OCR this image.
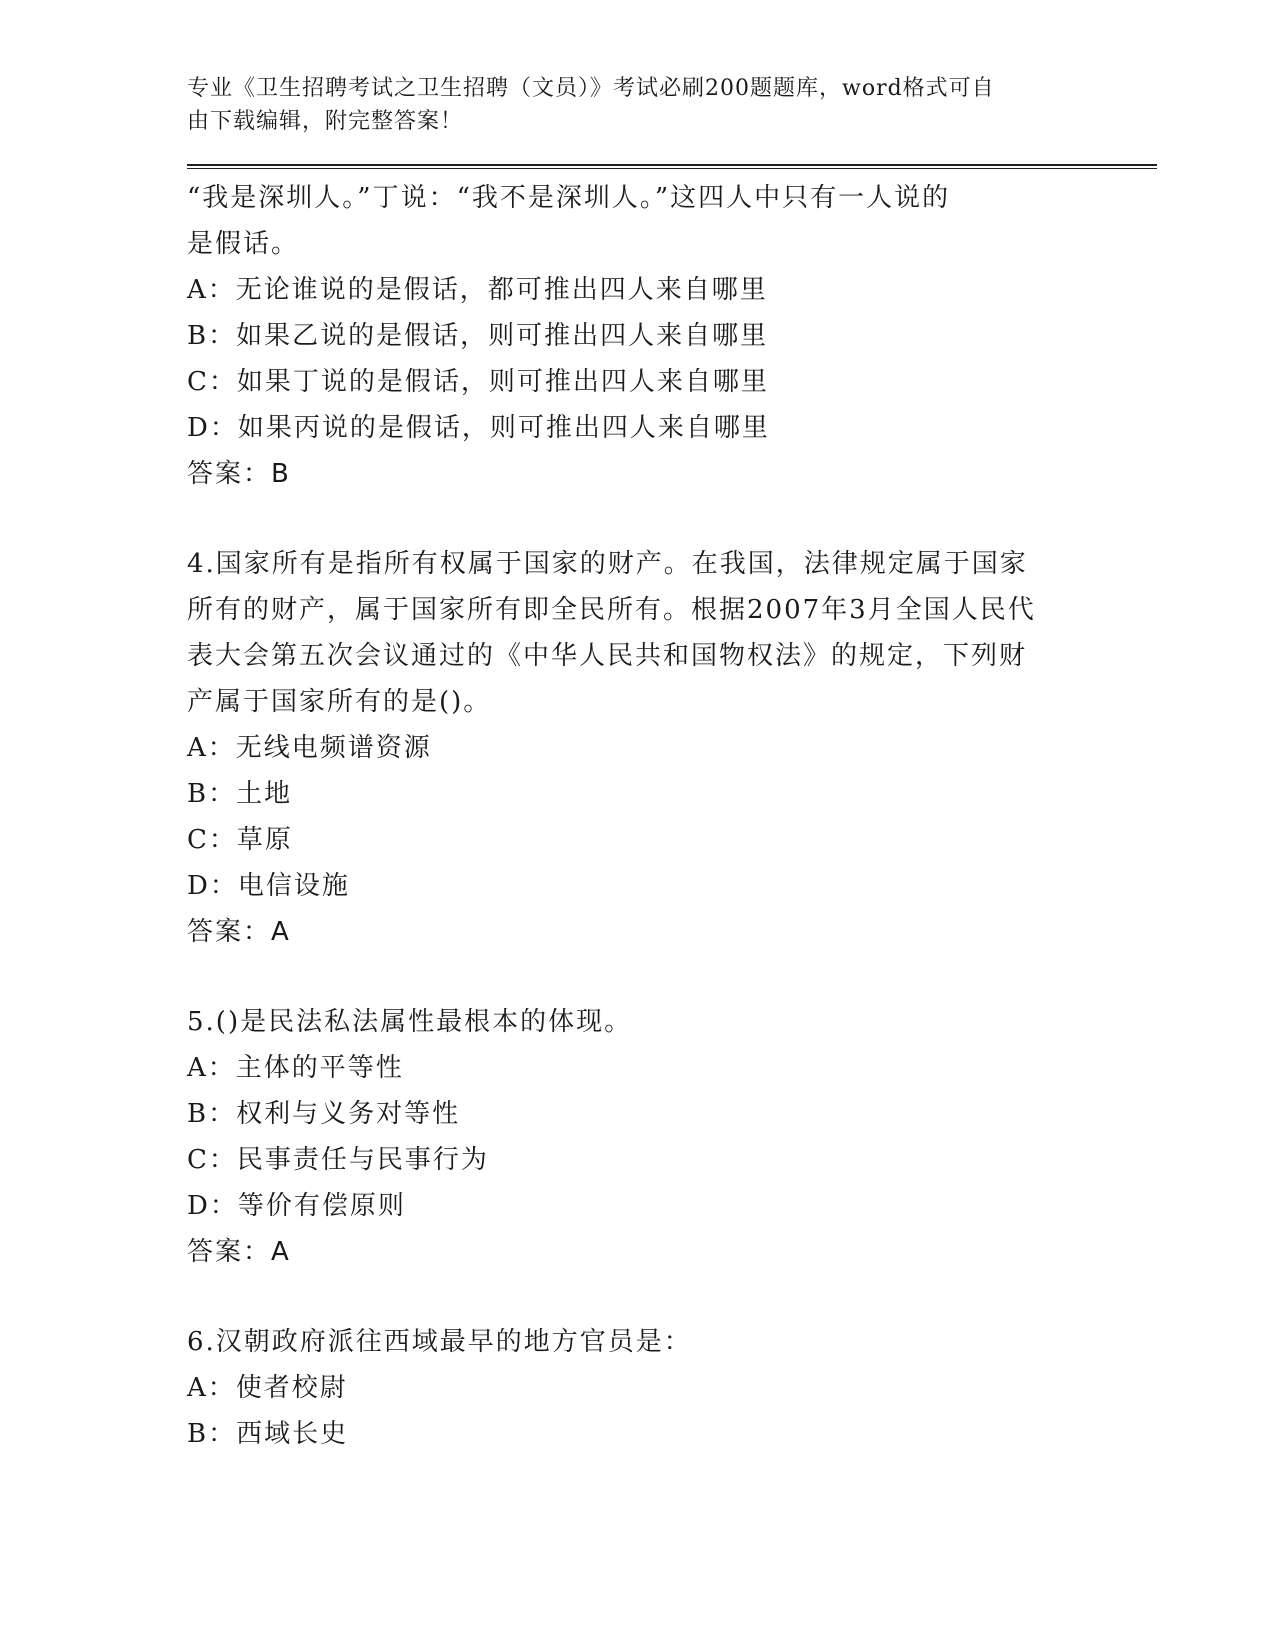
专业《卫生招聘考试之卫生招聘（文员）》考试必刷200题题库，word格式可自

由下载编辑，附完整答案！

“我是深圳人。”丁说：“我不是深圳人。”这四人中只有一人说的

是假话。

A：无论谁说的是假话，都可推出四人来自哪里

B：如果乙说的是假话，则可推出四人来自哪里

C：如果丁说的是假话，则可推出四人来自哪里

D：如果丙说的是假话，则可推出四人来自哪里

答案：B

4.国家所有是指所有权属于国家的财产。在我国，法律规定属于国家

所有的财产，属于国家所有即全民所有。根据2007年3月全国人民代

表大会第五次会议通过的《中华人民共和国物权法》的规定，下列财

产属于国家所有的是()。

A：无线电频谱资源

B：土地

C：草原

D：电信设施

答案：A

5.()是民法私法属性最根本的体现。

A：主体的平等性

B：权利与义务对等性

C：民事责任与民事行为

D：等价有偿原则

答案：A

6.汉朝政府派往西域最早的地方官员是：

A：使者校尉

B：西域长史
